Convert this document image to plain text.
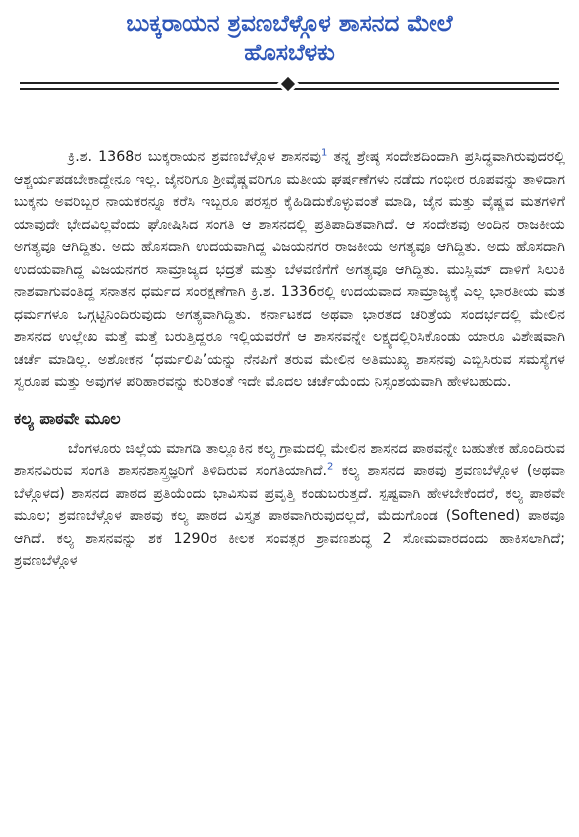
ಬುಕ್ಕರಾಯನ ಶ್ರವಣಬೆಳ್ಗೊಳ ಶಾಸನದ ಮೇಲೆ
ಹೊಸಬೆಳಕು

ಕ್ರಿ.ಶ. 1368ರ ಬುಕ್ಕರಾಯನ ಶ್ರವಣಬೆಳ್ಗೊಳ ಶಾಸನವು$^1$ ತನ್ನ ಶ್ರೇಷ್ಠ ಸಂದೇಶದಿಂದಾಗಿ ಪ್ರಸಿದ್ಧವಾಗಿರುವುದರಲ್ಲಿ ಆಶ್ಚರ್ಯಪಡಬೇಕಾದ್ದೇನೂ ಇಲ್ಲ. ಜೈನರಿಗೂ ಶ್ರೀವೈಷ್ಣವರಿಗೂ ಮತೀಯ ಘರ್ಷಣೆಗಳು ನಡೆದು ಗಂಭೀರ ರೂಪವನ್ನು ತಾಳಿದಾಗ ಬುಕ್ಕನು ಅವರಿಬ್ಬರ ನಾಯಕರನ್ನೂ ಕರೆಸಿ ಇಬ್ಬರೂ ಪರಸ್ಪರ ಕೈಹಿಡಿದುಕೊಳ್ಳುವಂತೆ ಮಾಡಿ, ಜೈನ ಮತ್ತು ವೈಷ್ಣವ ಮತಗಳಿಗೆ ಯಾವುದೇ ಭೇದವಿಲ್ಲವೆಂದು ಘೋಷಿಸಿದ ಸಂಗತಿ ಆ ಶಾಸನದಲ್ಲಿ ಪ್ರತಿಪಾದಿತವಾಗಿದೆ. ಆ ಸಂದೇಶವು ಅಂದಿನ ರಾಜಕೀಯ ಅಗತ್ಯವೂ ಆಗಿದ್ದಿತು. ಅದು ಹೊಸದಾಗಿ ಉದಯವಾಗಿದ್ದ ವಿಜಯನಗರ ರಾಜಕೀಯ ಅಗತ್ಯವೂ ಆಗಿದ್ದಿತು. ಅದು ಹೊಸದಾಗಿ ಉದಯವಾಗಿದ್ದ ವಿಜಯನಗರ ಸಾಮ್ರಾಜ್ಯದ ಭದ್ರತೆ ಮತ್ತು ಬೆಳವಣಿಗೆಗೆ ಅಗತ್ಯವೂ ಆಗಿದ್ದಿತು. ಮುಸ್ಲಿಮ್ ದಾಳಿಗೆ ಸಿಲುಕಿ ನಾಶವಾಗುವಂತಿದ್ದ ಸನಾತನ ಧರ್ಮದ ಸಂರಕ್ಷಣೆಗಾಗಿ ಕ್ರಿ.ಶ. 1336ರಲ್ಲಿ ಉದಯವಾದ ಸಾಮ್ರಾಜ್ಯಕ್ಕೆ ಎಲ್ಲ ಭಾರತೀಯ ಮತ ಧರ್ಮಗಳೂ ಒಗ್ಗಟ್ಟಿನಿಂದಿರುವುದು ಅಗತ್ಯವಾಗಿದ್ದಿತು. ಕರ್ನಾಟಕದ ಅಥವಾ ಭಾರತದ ಚರಿತ್ರೆಯ ಸಂದರ್ಭದಲ್ಲಿ ಮೇಲಿನ ಶಾಸನದ ಉಲ್ಲೇಖ ಮತ್ತೆ ಮತ್ತೆ ಬರುತ್ತಿದ್ದರೂ ಇಲ್ಲಿಯವರೆಗೆ ಆ ಶಾಸನವನ್ನೇ ಲಕ್ಷ್ಯದಲ್ಲಿರಿಸಿಕೊಂಡು ಯಾರೂ ವಿಶೇಷವಾಗಿ ಚರ್ಚೆ ಮಾಡಿಲ್ಲ. ಅಶೋಕನ ‘ಧರ್ಮಲಿಪಿ’ಯನ್ನು ನೆನಪಿಗೆ ತರುವ ಮೇಲಿನ ಅತಿಮುಖ್ಯ ಶಾಸನವು ಎಬ್ಬಿಸಿರುವ ಸಮಸ್ಯೆಗಳ ಸ್ವರೂಪ ಮತ್ತು ಅವುಗಳ ಪರಿಹಾರವನ್ನು ಕುರಿತಂತೆ ಇದೇ ಮೊದಲ ಚರ್ಚೆಯೆಂದು ನಿಸ್ಸಂಶಯವಾಗಿ ಹೇಳಬಹುದು.

ಕಲ್ಯ ಪಾಠವೇ ಮೂಲ

ಬೆಂಗಳೂರು ಜಿಲ್ಲೆಯ ಮಾಗಡಿ ತಾಲ್ಲೂಕಿನ ಕಲ್ಯ ಗ್ರಾಮದಲ್ಲಿ ಮೇಲಿನ ಶಾಸನದ ಪಾಠವನ್ನೇ ಬಹುತೇಕ ಹೊಂದಿರುವ ಶಾಸನವಿರುವ ಸಂಗತಿ ಶಾಸನಶಾಸ್ತ್ರಜ್ಞರಿಗೆ ತಿಳಿದಿರುವ ಸಂಗತಿಯಾಗಿದೆ.$^2$ ಕಲ್ಯ ಶಾಸನದ ಪಾಠವು ಶ್ರವಣಬೆಳ್ಗೊಳ (ಅಥವಾ ಬೆಳ್ಗೊಳದ) ಶಾಸನದ ಪಾಠದ ಪ್ರತಿಯೆಂದು ಭಾವಿಸುವ ಪ್ರವೃತ್ತಿ ಕಂಡುಬರುತ್ತದೆ. ಸ್ಪಷ್ಟವಾಗಿ ಹೇಳಬೇಕೆಂದರೆ, ಕಲ್ಯ ಪಾಠವೇ ಮೂಲ; ಶ್ರವಣಬೆಳ್ಗೊಳ ಪಾಠವು ಕಲ್ಯ ಪಾಠದ ವಿಸ್ತೃತ ಪಾಠವಾಗಿರುವುದಲ್ಲದೆ, ಮೆದುಗೊಂಡ (Softened) ಪಾಠವೂ ಆಗಿದೆ. ಕಲ್ಯ ಶಾಸನವನ್ನು ಶಕ 1290ರ ಕೀಲಕ ಸಂವತ್ಸರ ಶ್ರಾವಣಶುದ್ಧ 2 ಸೋಮವಾರದಂದು ಹಾಕಿಸಲಾಗಿದೆ; ಶ್ರವಣಬೆಳ್ಗೊಳ
